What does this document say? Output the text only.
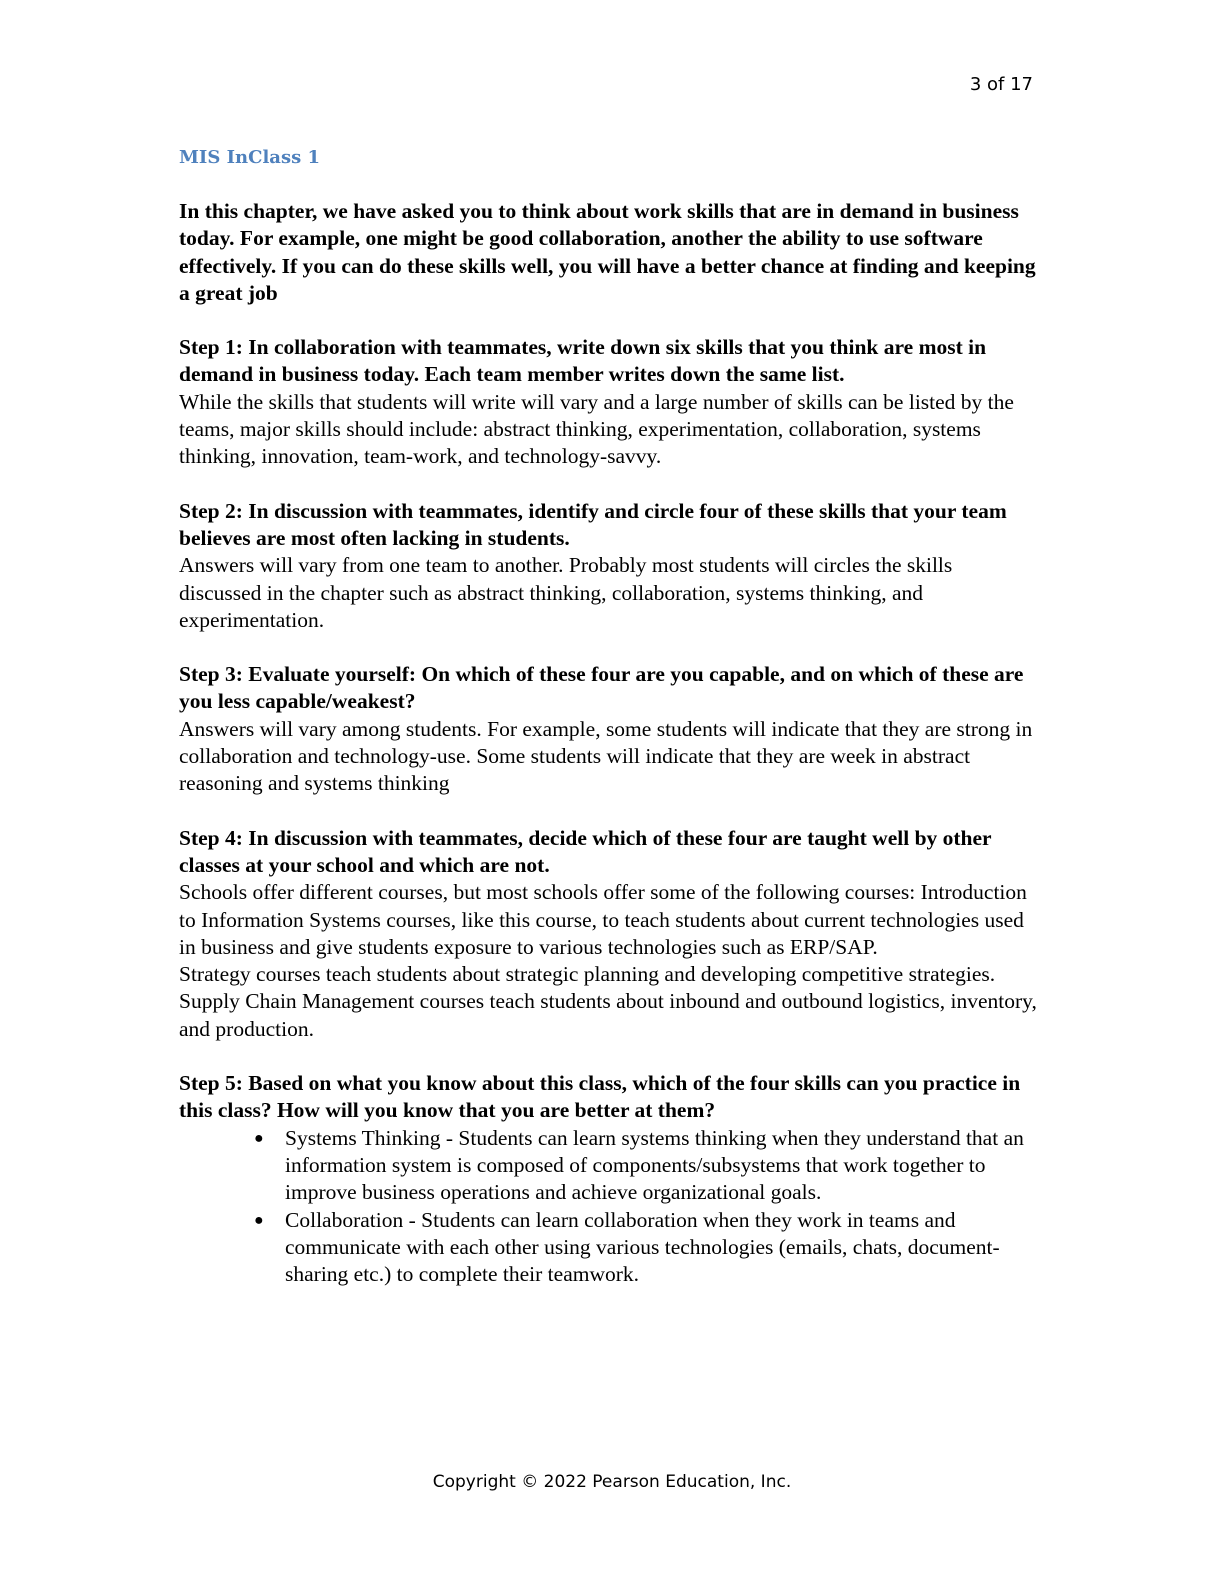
3 of 17

MIS InClass 1

In this chapter, we have asked you to think about work skills that are in demand in business today. For example, one might be good collaboration, another the ability to use software effectively. If you can do these skills well, you will have a better chance at finding and keeping a great job

Step 1: In collaboration with teammates, write down six skills that you think are most in demand in business today. Each team member writes down the same list.

While the skills that students will write will vary and a large number of skills can be listed by the teams, major skills should include: abstract thinking, experimentation, collaboration, systems thinking, innovation, team-work, and technology-savvy.

Step 2: In discussion with teammates, identify and circle four of these skills that your team believes are most often lacking in students.

Answers will vary from one team to another. Probably most students will circles the skills discussed in the chapter such as abstract thinking, collaboration, systems thinking, and experimentation.

Step 3: Evaluate yourself: On which of these four are you capable, and on which of these are you less capable/weakest?

Answers will vary among students. For example, some students will indicate that they are strong in collaboration and technology-use. Some students will indicate that they are week in abstract reasoning and systems thinking

Step 4: In discussion with teammates, decide which of these four are taught well by other classes at your school and which are not.

Schools offer different courses, but most schools offer some of the following courses: Introduction to Information Systems courses, like this course, to teach students about current technologies used in business and give students exposure to various technologies such as ERP/SAP.

Strategy courses teach students about strategic planning and developing competitive strategies.

Supply Chain Management courses teach students about inbound and outbound logistics, inventory, and production.

Step 5: Based on what you know about this class, which of the four skills can you practice in this class? How will you know that you are better at them?

● Systems Thinking - Students can learn systems thinking when they understand that an information system is composed of components/subsystems that work together to improve business operations and achieve organizational goals.
● Collaboration - Students can learn collaboration when they work in teams and communicate with each other using various technologies (emails, chats, document-sharing etc.) to complete their teamwork.
Copyright © 2022 Pearson Education, Inc.
